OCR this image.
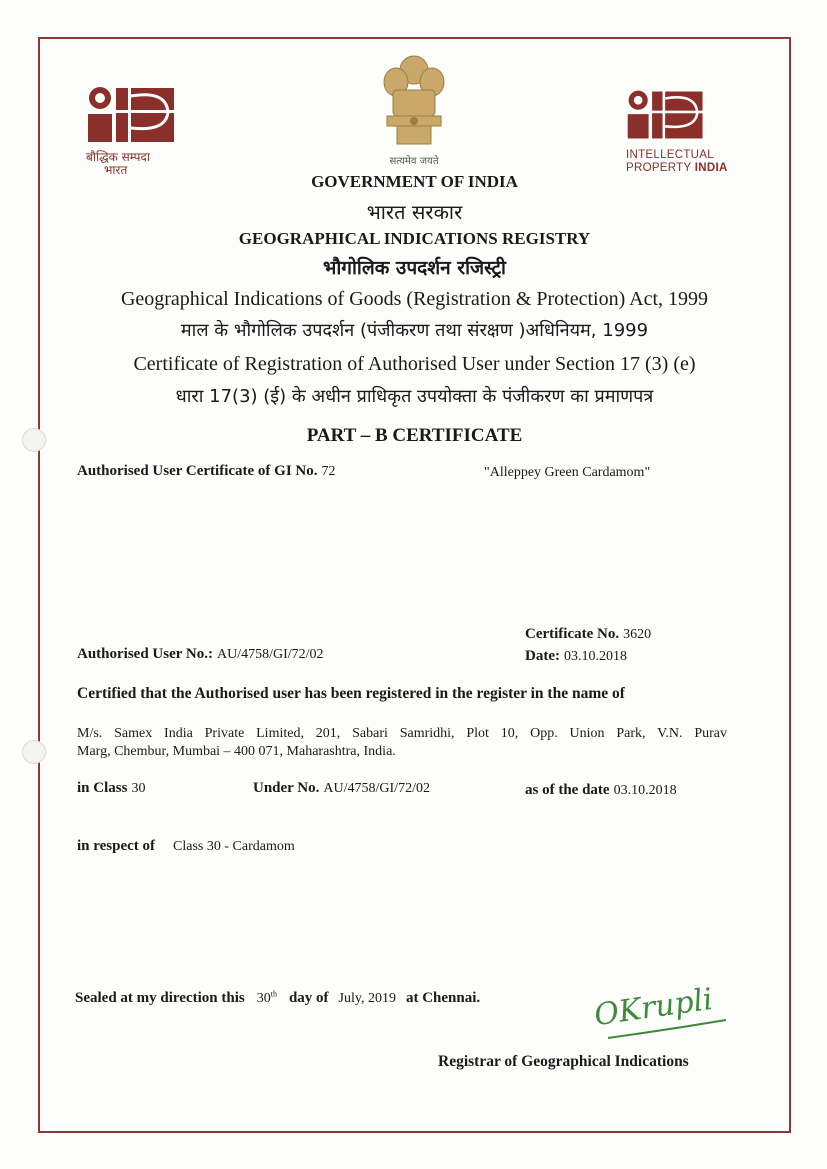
बौद्धिक सम्पदा
भारत
सत्यमेव जयते
INTELLECTUAL
PROPERTY INDIA
GOVERNMENT OF INDIA
भारत सरकार
GEOGRAPHICAL INDICATIONS REGISTRY
भौगोलिक उपदर्शन रजिस्ट्री
Geographical Indications of Goods (Registration & Protection) Act, 1999
माल के भौगोलिक उपदर्शन (पंजीकरण तथा संरक्षण )अधिनियम, 1999
Certificate of Registration of Authorised User under Section 17 (3) (e)
धारा 17(3) (ई) के अधीन प्राधिकृत उपयोक्ता के पंजीकरण का प्रमाणपत्र
PART – B CERTIFICATE
Authorised User Certificate of GI No. 72	"Alleppey Green Cardamom"
Certificate No. 3620
Authorised User No.: AU/4758/GI/72/02	Date: 03.10.2018
Certified that the Authorised user has been registered in the register in the name of
M/s. Samex India Private Limited, 201, Sabari Samridhi, Plot 10, Opp. Union Park, V.N. Purav
Marg, Chembur, Mumbai – 400 071, Maharashtra, India.
in Class 30	Under No. AU/4758/GI/72/02	as of the date 03.10.2018
in respect of Class 30 - Cardamom
Sealed at my direction this 30th day of July, 2019 at Chennai.	OKrupli
Registrar of Geographical Indications
